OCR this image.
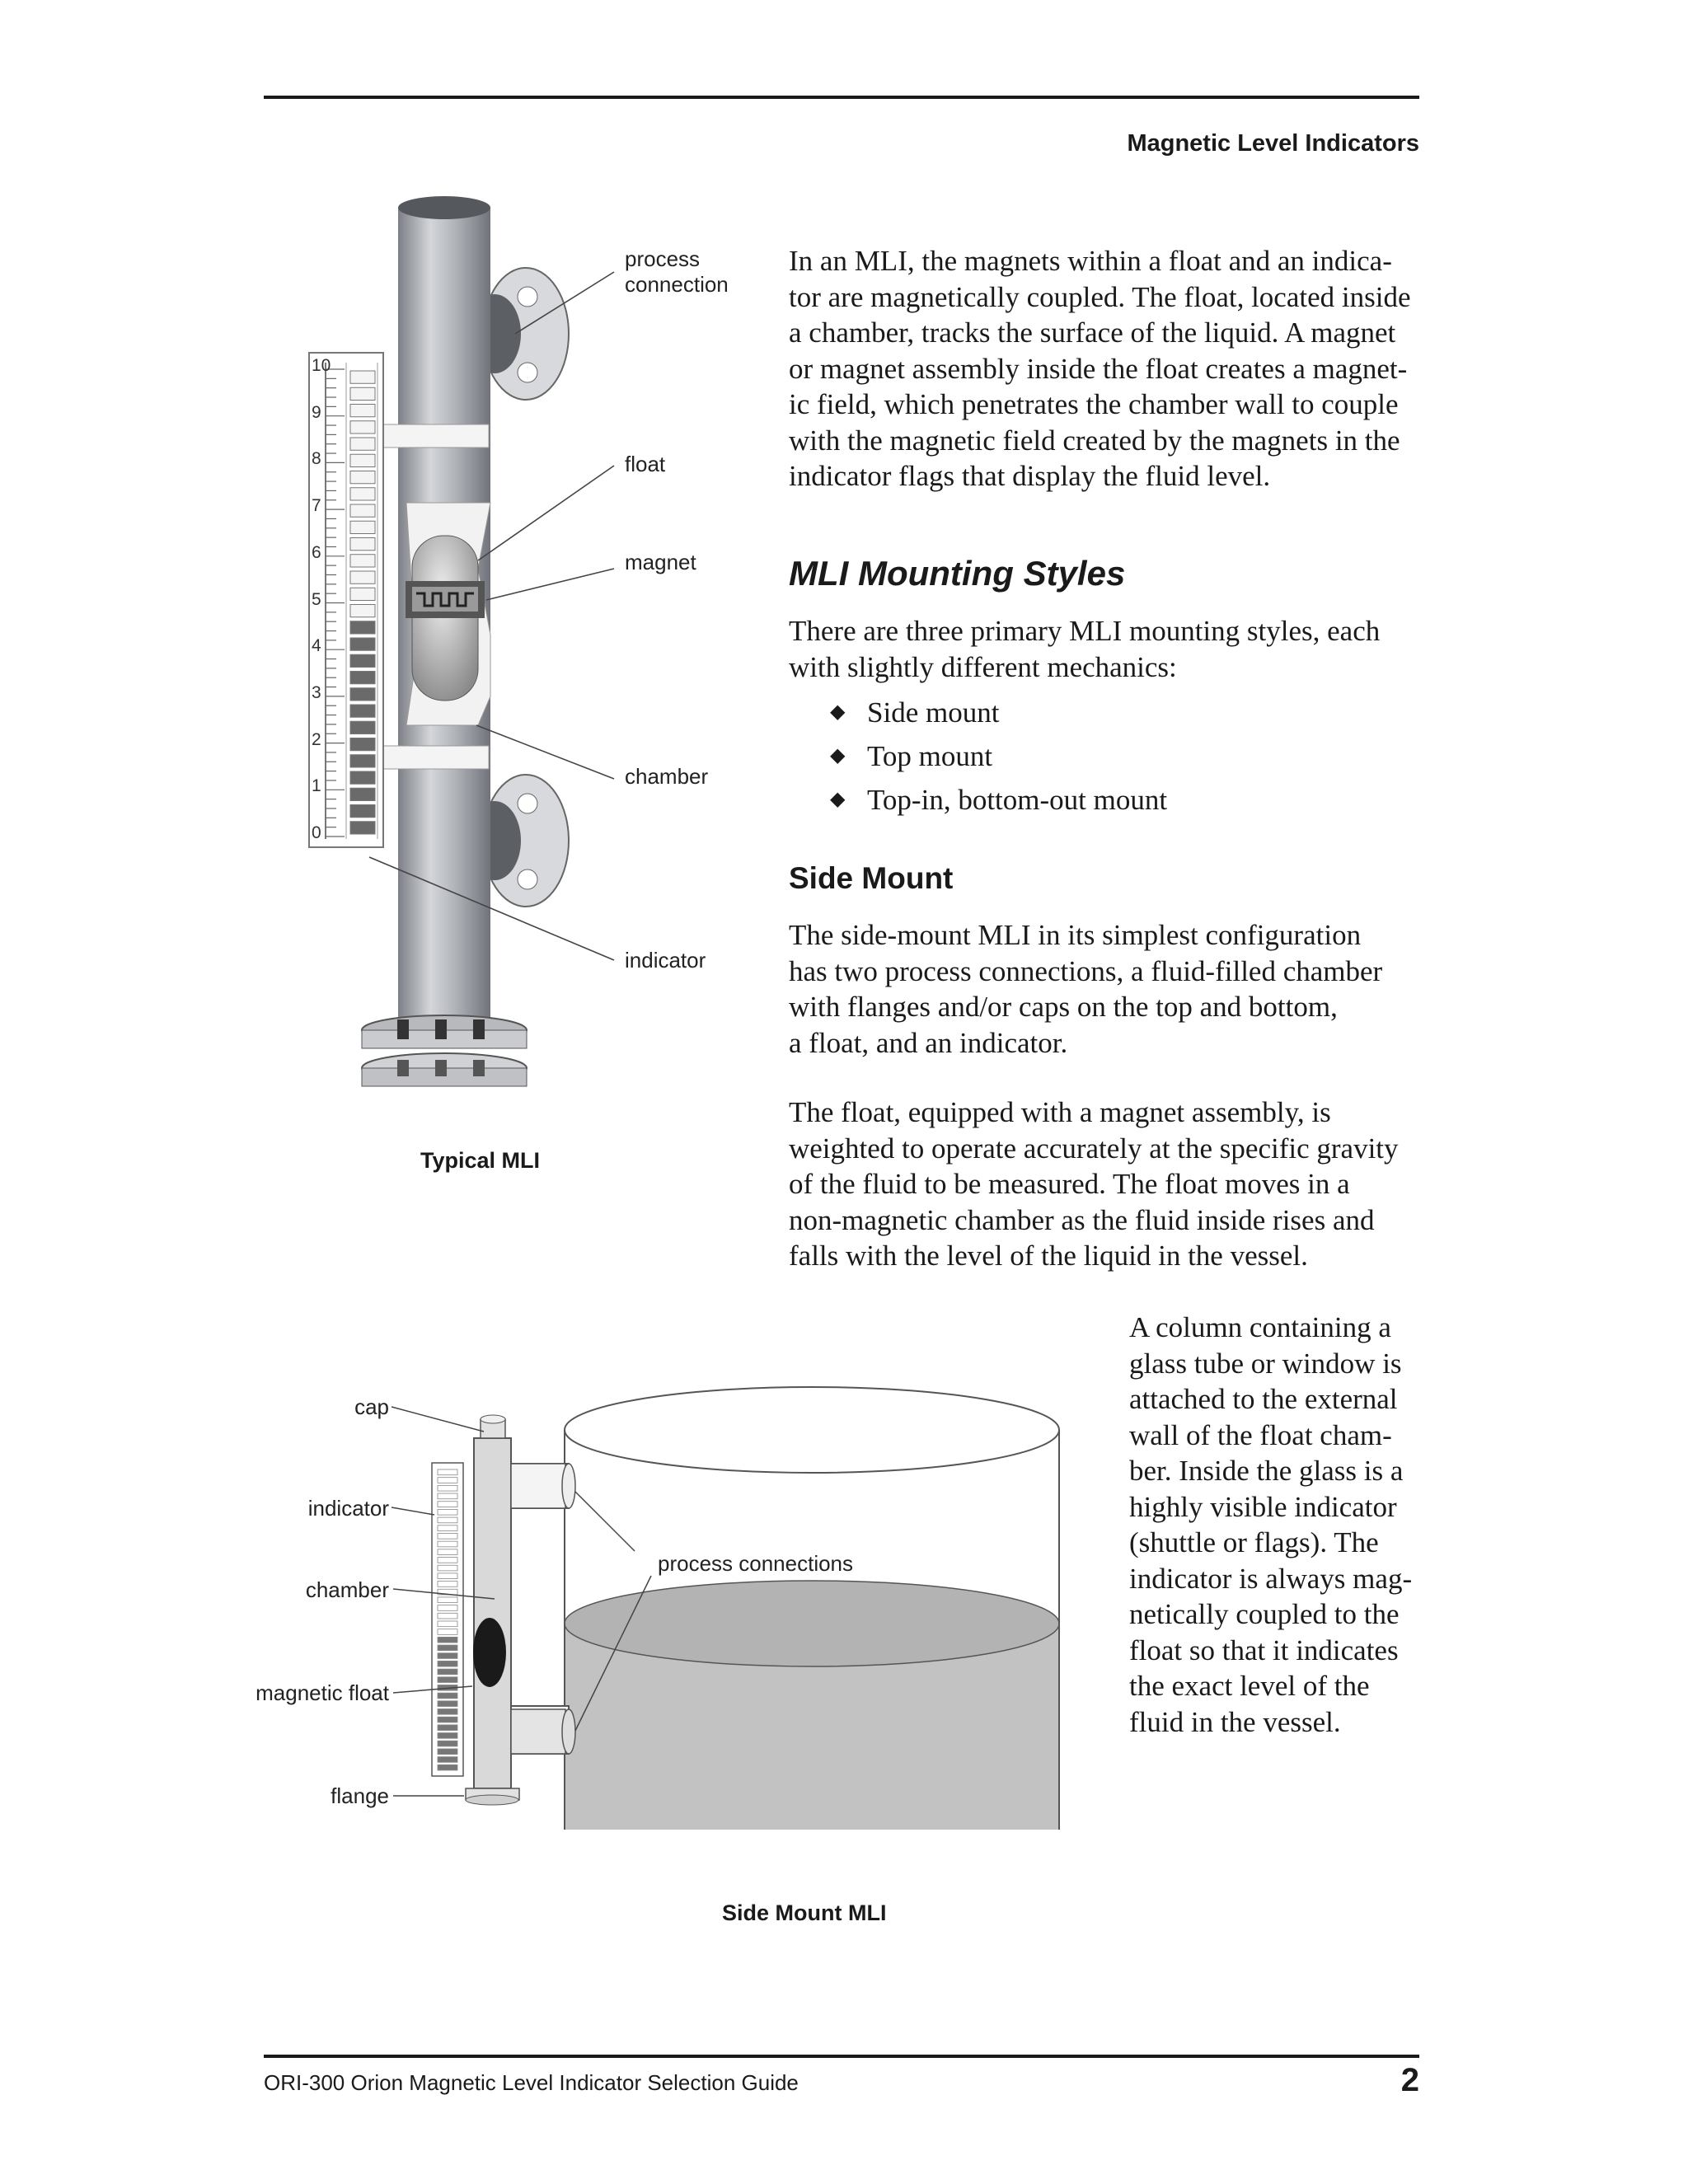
Magnetic Level Indicators
process connection
float
magnet
chamber
indicator
10
9
8
7
6
5
4
3
2
1
0
Typical MLI
In an MLI, the magnets within a float and an indica-
tor are magnetically coupled. The float, located inside
a chamber, tracks the surface of the liquid. A magnet
or magnet assembly inside the float creates a magnet-
ic field, which penetrates the chamber wall to couple
with the magnetic field created by the magnets in the
indicator flags that display the fluid level.
MLI Mounting Styles
There are three primary MLI mounting styles, each
with slightly different mechanics:
◆ Side mount
◆ Top mount
◆ Top-in, bottom-out mount
Side Mount
The side-mount MLI in its simplest configuration
has two process connections, a fluid-filled chamber
with flanges and/or caps on the top and bottom,
a float, and an indicator.
The float, equipped with a magnet assembly, is
weighted to operate accurately at the specific gravity
of the fluid to be measured. The float moves in a
non-magnetic chamber as the fluid inside rises and
falls with the level of the liquid in the vessel.
A column containing a
glass tube or window is
attached to the external
wall of the float cham-
ber. Inside the glass is a
highly visible indicator
(shuttle or flags). The
indicator is always mag-
netically coupled to the
float so that it indicates
the exact level of the
fluid in the vessel.
cap
indicator
chamber
magnetic float
flange
process connections
Side Mount MLI
ORI-300 Orion Magnetic Level Indicator Selection Guide	2
